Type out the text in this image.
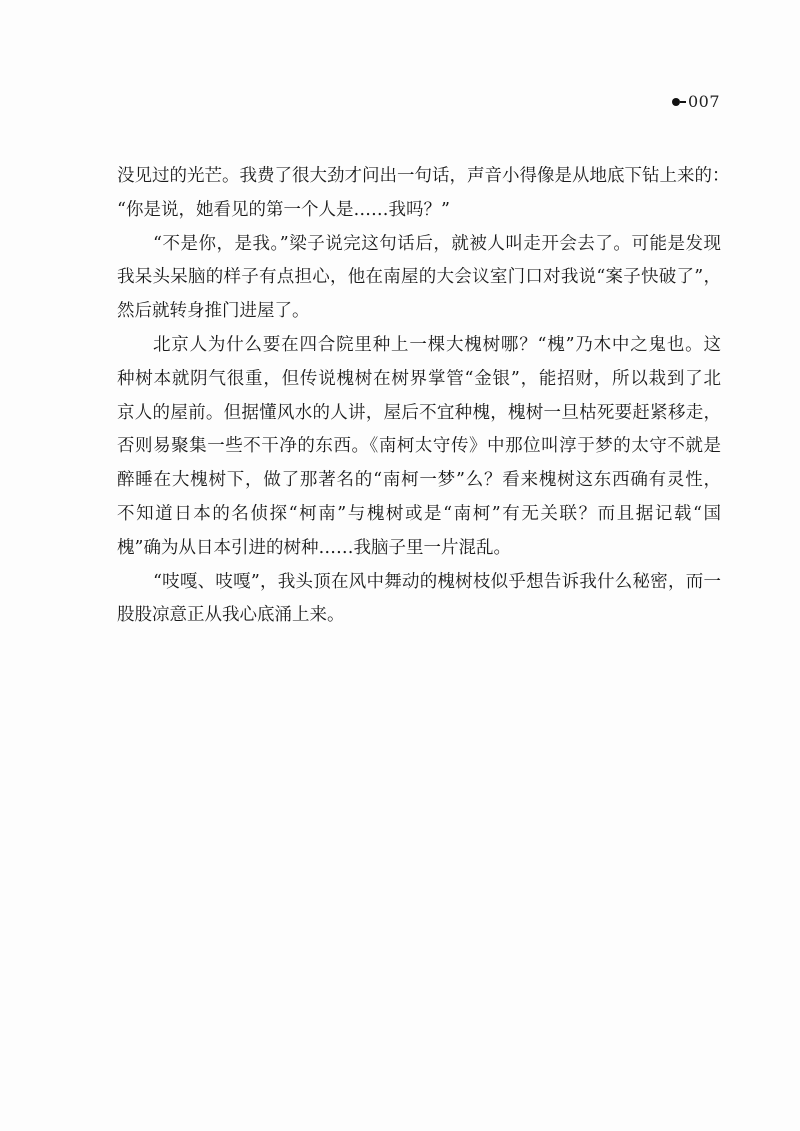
007
没见过的光芒。我费了很大劲才问出一句话，声音小得像是从地底下钻上来的：
“你是说，她看见的第一个人是……我吗？”
“不是你，是我。”梁子说完这句话后，就被人叫走开会去了。可能是发现
我呆头呆脑的样子有点担心，他在南屋的大会议室门口对我说“案子快破了”，
然后就转身推门进屋了。
北京人为什么要在四合院里种上一棵大槐树哪？“槐”乃木中之鬼也。这
种树本就阴气很重，但传说槐树在树界掌管“金银”，能招财，所以栽到了北
京人的屋前。但据懂风水的人讲，屋后不宜种槐，槐树一旦枯死要赶紧移走，
否则易聚集一些不干净的东西。《南柯太守传》中那位叫淳于梦的太守不就是
醉睡在大槐树下，做了那著名的“南柯一梦”么？看来槐树这东西确有灵性，
不知道日本的名侦探“柯南”与槐树或是“南柯”有无关联？而且据记载“国
槐”确为从日本引进的树种……我脑子里一片混乱。
“吱嘎、吱嘎”，我头顶在风中舞动的槐树枝似乎想告诉我什么秘密，而一
股股凉意正从我心底涌上来。
